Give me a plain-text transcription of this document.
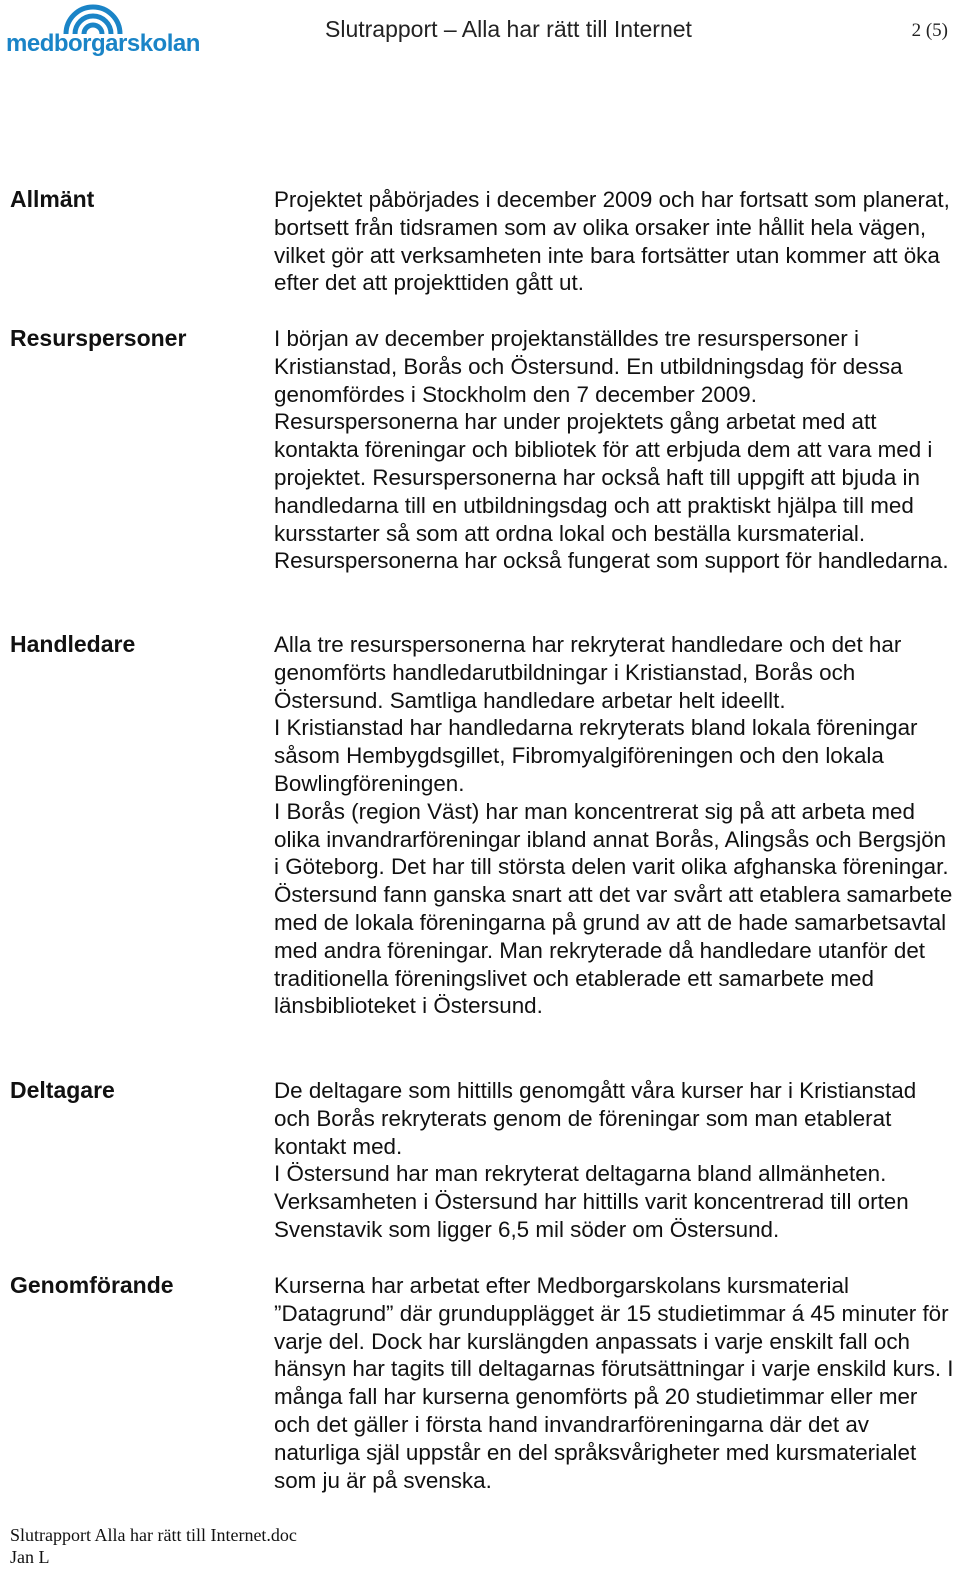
medborgarskolan
Slutrapport – Alla har rätt till Internet	2 (5)
Allmänt	Projektet påbörjades i december 2009 och har fortsatt som planerat, bortsett från tidsramen som av olika orsaker inte hållit hela vägen, vilket gör att verksamheten inte bara fortsätter utan kommer att öka efter det att projekttiden gått ut.

Resurspersoner	I början av december projektanställdes tre resurspersoner i Kristianstad, Borås och Östersund. En utbildningsdag för dessa genomfördes i Stockholm den 7 december 2009.

Resurspersonerna har under projektets gång arbetat med att kontakta föreningar och bibliotek för att erbjuda dem att vara med i projektet. Resurspersonerna har också haft till uppgift att bjuda in handledarna till en utbildningsdag och att praktiskt hjälpa till med kursstarter så som att ordna lokal och beställa kursmaterial. Resurspersonerna har också fungerat som support för handledarna.

Handledare	Alla tre resurspersonerna har rekryterat handledare och det har genomförts handledarutbildningar i Kristianstad, Borås och Östersund. Samtliga handledare arbetar helt ideellt.

I Kristianstad har handledarna rekryterats bland lokala föreningar såsom Hembygdsgillet, Fibromyalgiföreningen och den lokala Bowlingföreningen.

I Borås (region Väst) har man koncentrerat sig på att arbeta med olika invandrarföreningar ibland annat Borås, Alingsås och Bergsjön i Göteborg. Det har till största delen varit olika afghanska föreningar.

Östersund fann ganska snart att det var svårt att etablera samarbete med de lokala föreningarna på grund av att de hade samarbetsavtal med andra föreningar. Man rekryterade då handledare utanför det traditionella föreningslivet och etablerade ett samarbete med länsbiblioteket i Östersund.

Deltagare	De deltagare som hittills genomgått våra kurser har i Kristianstad och Borås rekryterats genom de föreningar som man etablerat kontakt med.

I Östersund har man rekryterat deltagarna bland allmänheten. Verksamheten i Östersund har hittills varit koncentrerad till orten Svenstavik som ligger 6,5 mil söder om Östersund.

Genomförande	Kurserna har arbetat efter Medborgarskolans kursmaterial ”Datagrund” där grundupplägget är 15 studietimmar á 45 minuter för varje del. Dock har kurslängden anpassats i varje enskilt fall och hänsyn har tagits till deltagarnas förutsättningar i varje enskild kurs. I många fall har kurserna genomförts på 20 studietimmar eller mer och det gäller i första hand invandrarföreningarna där det av naturliga själ uppstår en del språksvårigheter med kursmaterialet som ju är på svenska.

Slutrapport Alla har rätt till Internet.doc
Jan L
